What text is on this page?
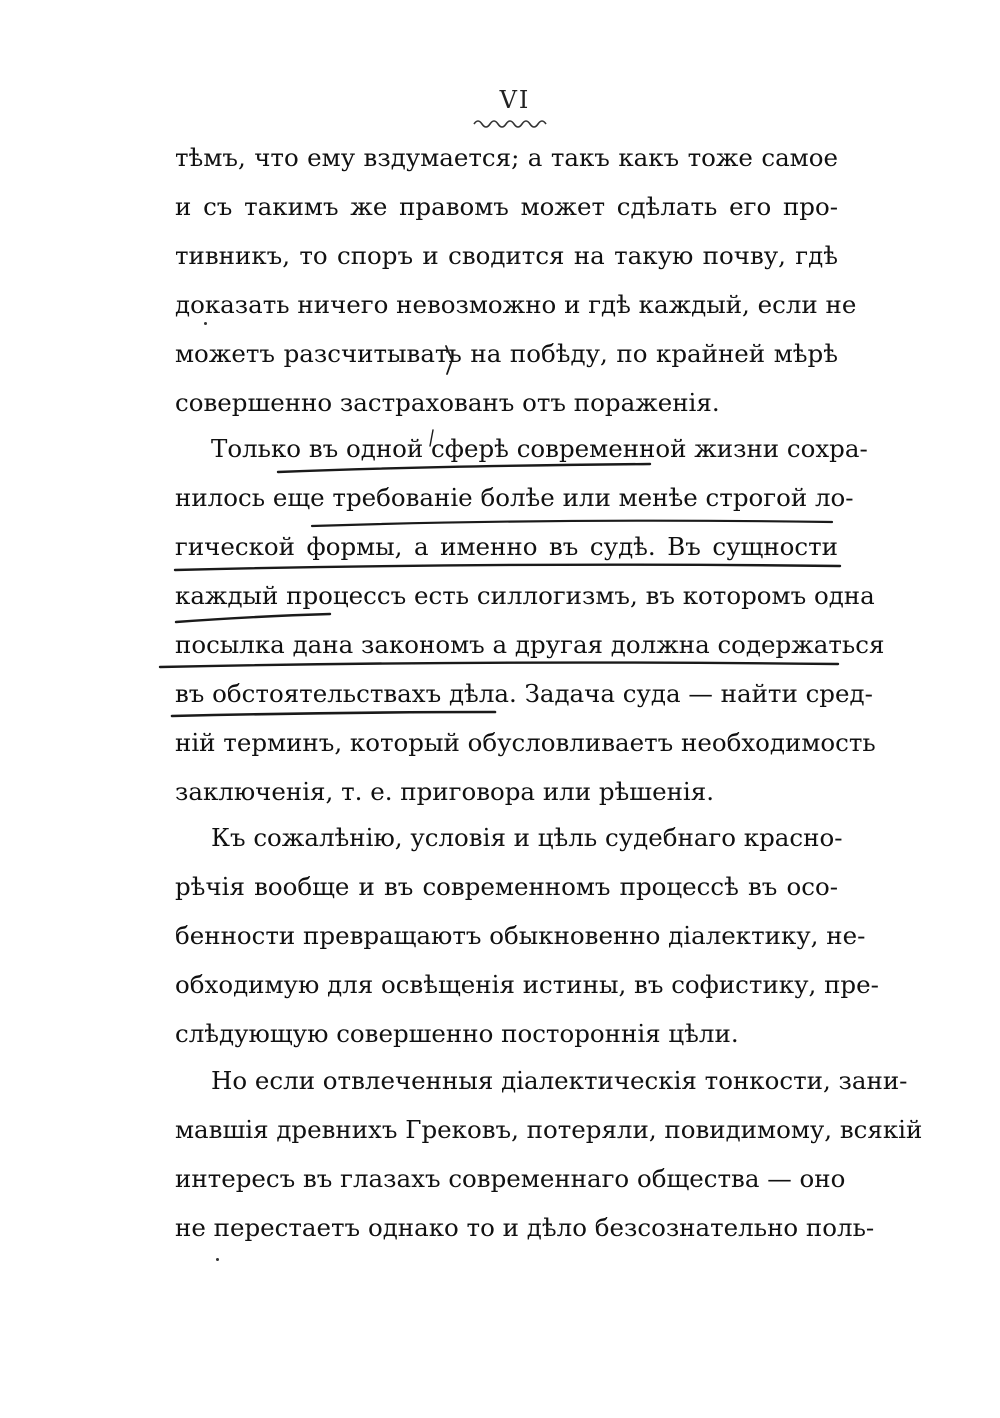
VI
тѣмъ, что ему вздумается; а такъ какъ тоже самое
и съ такимъ же правомъ может сдѣлать его про-
тивникъ, то споръ и сводится на такую почву, гдѣ
доказать ничего невозможно и гдѣ каждый, если не
можетъ разсчитывать на побѣду, по крайней мѣрѣ
совершенно застрахованъ отъ пораженія.
Только въ одной сферѣ современной жизни сохра-
нилось еще требованіе болѣе или менѣе строгой ло-
гической формы, а именно въ судѣ. Въ сущности
каждый процессъ есть силлогизмъ, въ которомъ одна
посылка дана закономъ а другая должна содержаться
въ обстоятельствахъ дѣла. Задача суда — найти сред-
ній терминъ, который обусловливаетъ необходимость
заключенія, т. е. приговора или рѣшенія.
Къ сожалѣнію, условія и цѣль судебнаго красно-
рѣчія вообще и въ современномъ процессѣ въ осо-
бенности превращаютъ обыкновенно діалектику, не-
обходимую для освѣщенія истины, въ софистику, пре-
слѣдующую совершенно постороннія цѣли.
Но если отвлеченныя діалектическія тонкости, зани-
мавшія древнихъ Грековъ, потеряли, повидимому, всякій
интересъ въ глазахъ современнаго общества — оно
не перестаетъ однако то и дѣло безсознательно поль-
